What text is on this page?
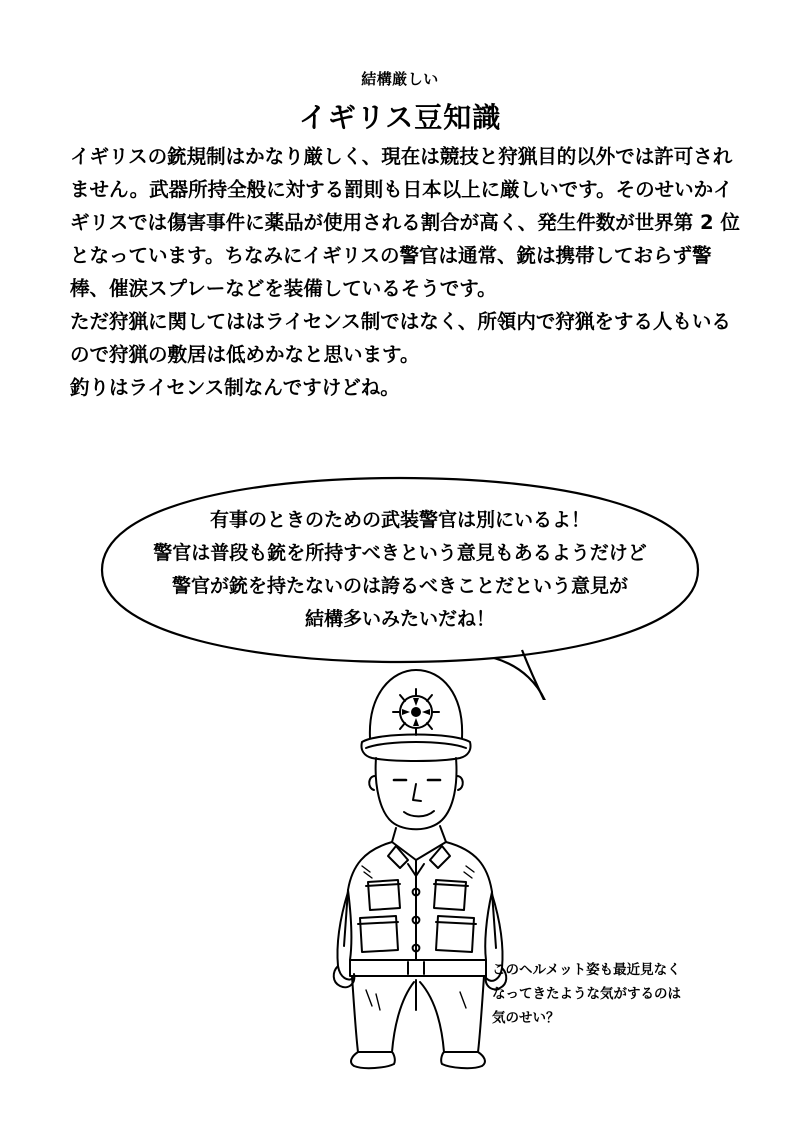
結構厳しい
イギリス豆知識

イギリスの銃規制はかなり厳しく、現在は競技と狩猟目的以外では許可されません。武器所持全般に対する罰則も日本以上に厳しいです。そのせいかイギリスでは傷害事件に薬品が使用される割合が高く、発生件数が世界第 2 位となっています。ちなみにイギリスの警官は通常、銃は携帯しておらず警棒、催涙スプレーなどを装備しているそうです。

ただ狩猟に関してははライセンス制ではなく、所領内で狩猟をする人もいるので狩猟の敷居は低めかなと思います。

釣りはライセンス制なんですけどね。

有事のときのための武装警官は別にいるよ！
警官は普段も銃を所持すべきという意見もあるようだけど
警官が銃を持たないのは誇るべきことだという意見が
結構多いみたいだね！

このヘルメット姿も最近見なく

なってきたような気がするのは

気のせい？
